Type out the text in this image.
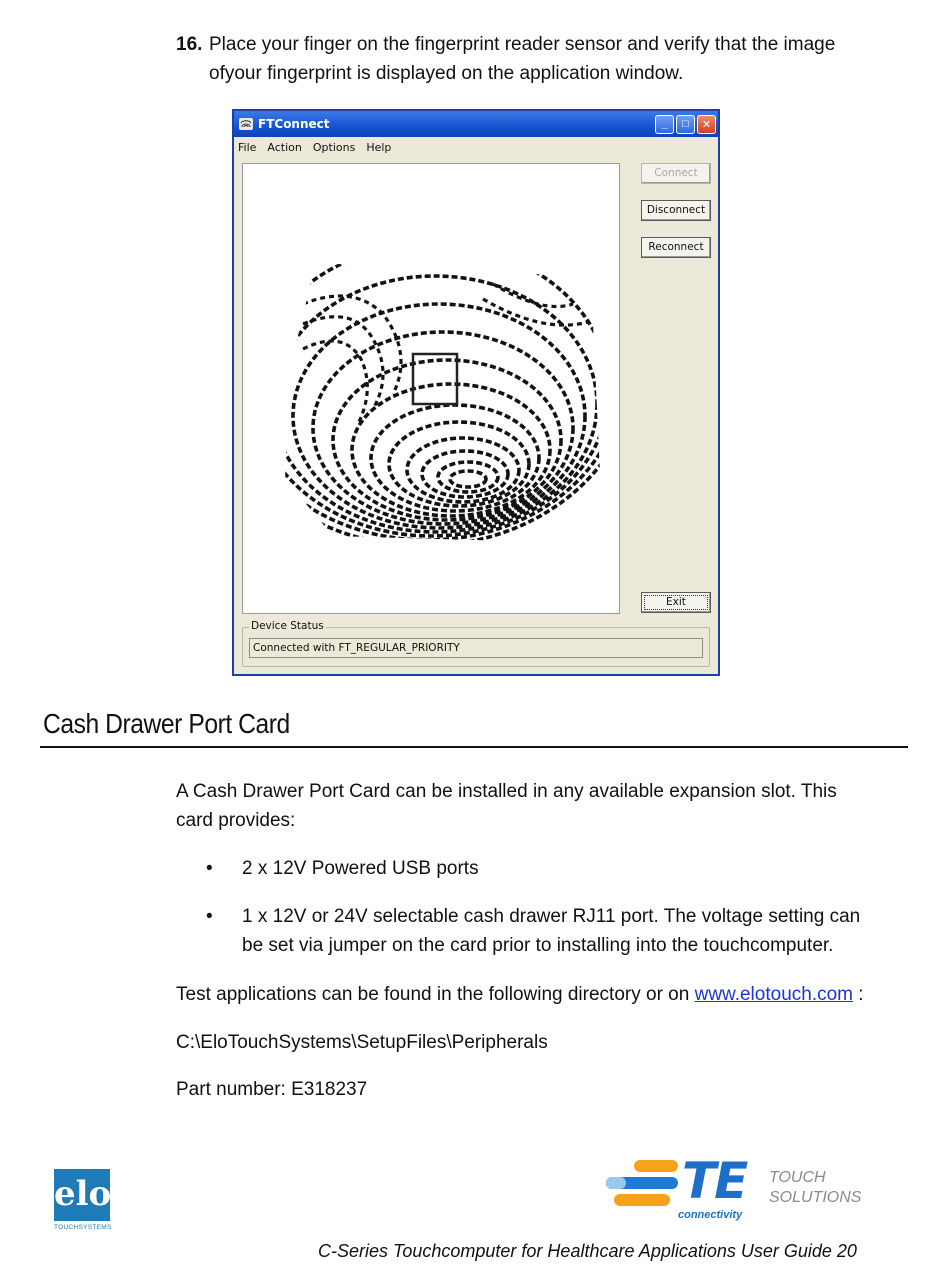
16. Place your finger on the fingerprint reader sensor and verify that the image
ofyour fingerprint is displayed on the application window.
FTConnect	_	□	✕
File Action Options Help
Connect
Disconnect
Reconnect
Exit
Device Status
Connected with FT_REGULAR_PRIORITY
Cash Drawer Port Card
A Cash Drawer Port Card can be installed in any available expansion slot. This
card provides:
•	2 x 12V Powered USB ports
•	1 x 12V or 24V selectable cash drawer RJ11 port. The voltage setting can
be set via jumper on the card prior to installing into the touchcomputer.
Test applications can be found in the following directory or on www.elotouch.com :
C:\EloTouchSystems\SetupFiles\Peripherals
Part number: E318237
elo
TOUCHSYSTEMS
TE
connectivity
TOUCH
SOLUTIONS
C-Series Touchcomputer for Healthcare Applications User Guide 20
